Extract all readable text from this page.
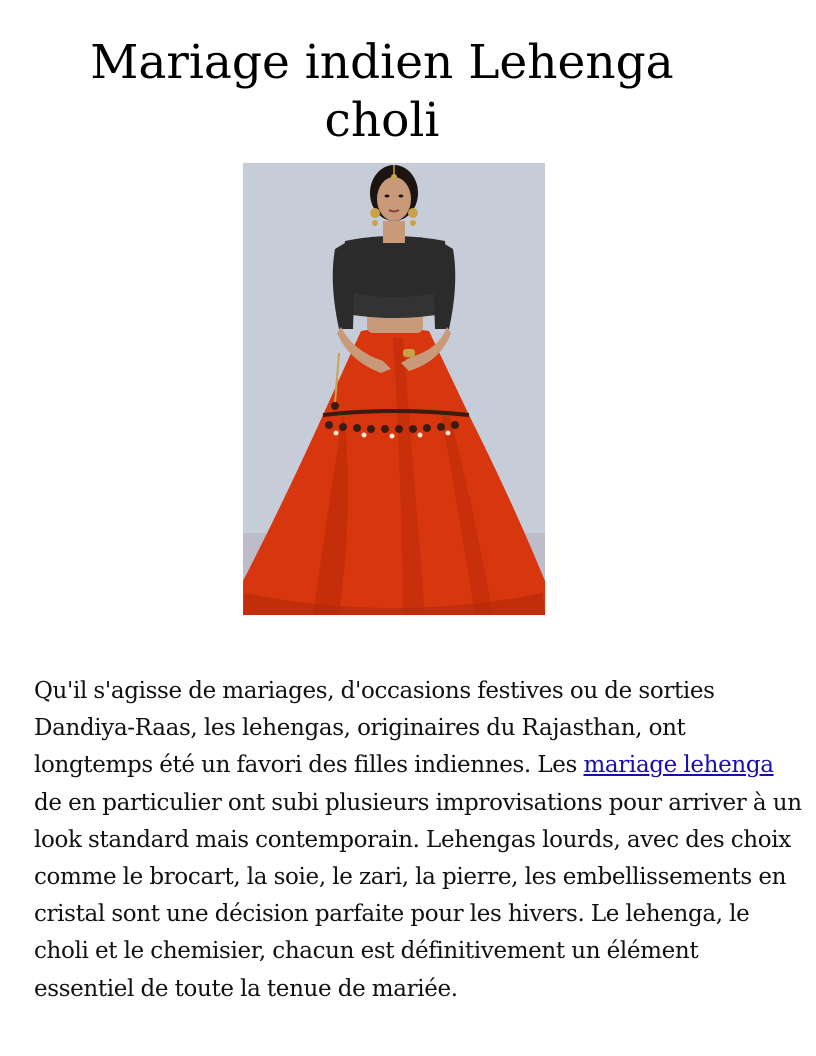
Mariage indien Lehenga choli

Qu'il s'agisse de mariages, d'occasions festives ou de sorties Dandiya-Raas, les lehengas, originaires du Rajasthan, ont longtemps été un favori des filles indiennes. Les mariage lehenga de en particulier ont subi plusieurs improvisations pour arriver à un look standard mais contemporain. Lehengas lourds, avec des choix comme le brocart, la soie, le zari, la pierre, les embellissements en cristal sont une décision parfaite pour les hivers. Le lehenga, le choli et le chemisier, chacun est définitivement un élément essentiel de toute la tenue de mariée.
